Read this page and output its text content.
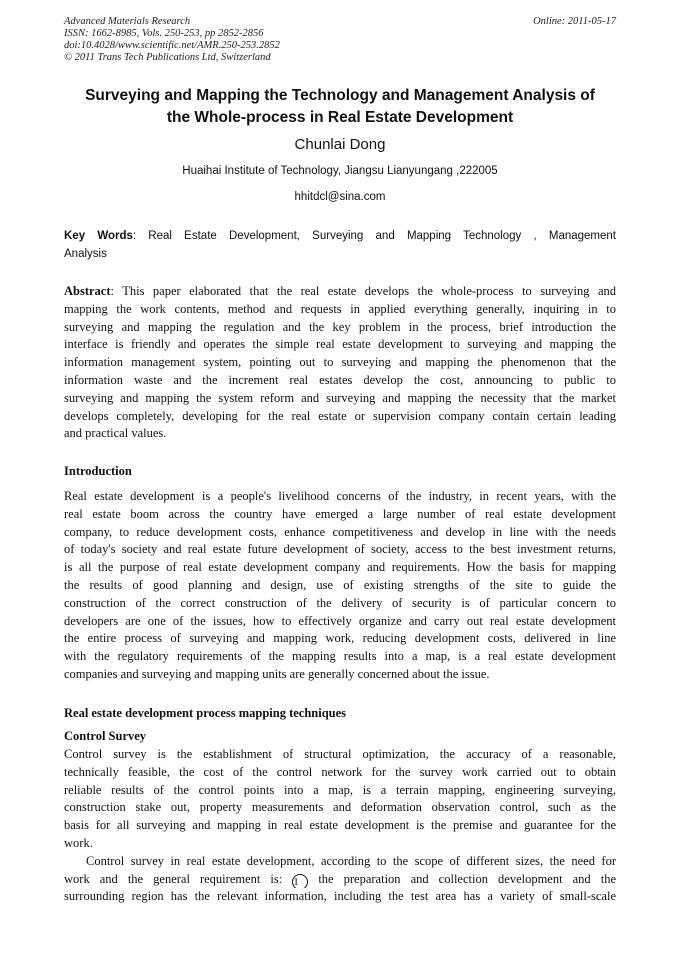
Advanced Materials Research
ISSN: 1662-8985, Vols. 250-253, pp 2852-2856
doi:10.4028/www.scientific.net/AMR.250-253.2852
© 2011 Trans Tech Publications Ltd, Switzerland
Online: 2011-05-17
Surveying and Mapping the Technology and Management Analysis of
the Whole-process in Real Estate Development
Chunlai Dong
Huaihai Institute of Technology, Jiangsu Lianyungang ,222005
hhitdcl@sina.com
Key Words: Real Estate Development, Surveying and Mapping Technology , Management
Analysis
Abstract: This paper elaborated that the real estate develops the whole-process to surveying and
mapping the work contents, method and requests in applied everything generally, inquiring in to
surveying and mapping the regulation and the key problem in the process, brief introduction the
interface is friendly and operates the simple real estate development to surveying and mapping the
information management system, pointing out to surveying and mapping the phenomenon that the
information waste and the increment real estates develop the cost, announcing to public to
surveying and mapping the system reform and surveying and mapping the necessity that the market
develops completely, developing for the real estate or supervision company contain certain leading
and practical values.
Introduction
Real estate development is a people's livelihood concerns of the industry, in recent years, with the
real estate boom across the country have emerged a large number of real estate development
company, to reduce development costs, enhance competitiveness and develop in line with the needs
of today's society and real estate future development of society, access to the best investment returns,
is all the purpose of real estate development company and requirements. How the basis for mapping
the results of good planning and design, use of existing strengths of the site to guide the
construction of the correct construction of the delivery of security is of particular concern to
developers are one of the issues, how to effectively organize and carry out real estate development
the entire process of surveying and mapping work, reducing development costs, delivered in line
with the regulatory requirements of the mapping results into a map, is a real estate development
companies and surveying and mapping units are generally concerned about the issue.
Real estate development process mapping techniques
Control Survey
Control survey is the establishment of structural optimization, the accuracy of a reasonable,
technically feasible, the cost of the control network for the survey work carried out to obtain
reliable results of the control points into a map, is a terrain mapping, engineering surveying,
construction stake out, property measurements and deformation observation control, such as the
basis for all surveying and mapping in real estate development is the premise and guarantee for the
work.
Control survey in real estate development, according to the scope of different sizes, the need for
work and the general requirement is: 1 the preparation and collection development and the
surrounding region has the relevant information, including the test area has a variety of small-scale
